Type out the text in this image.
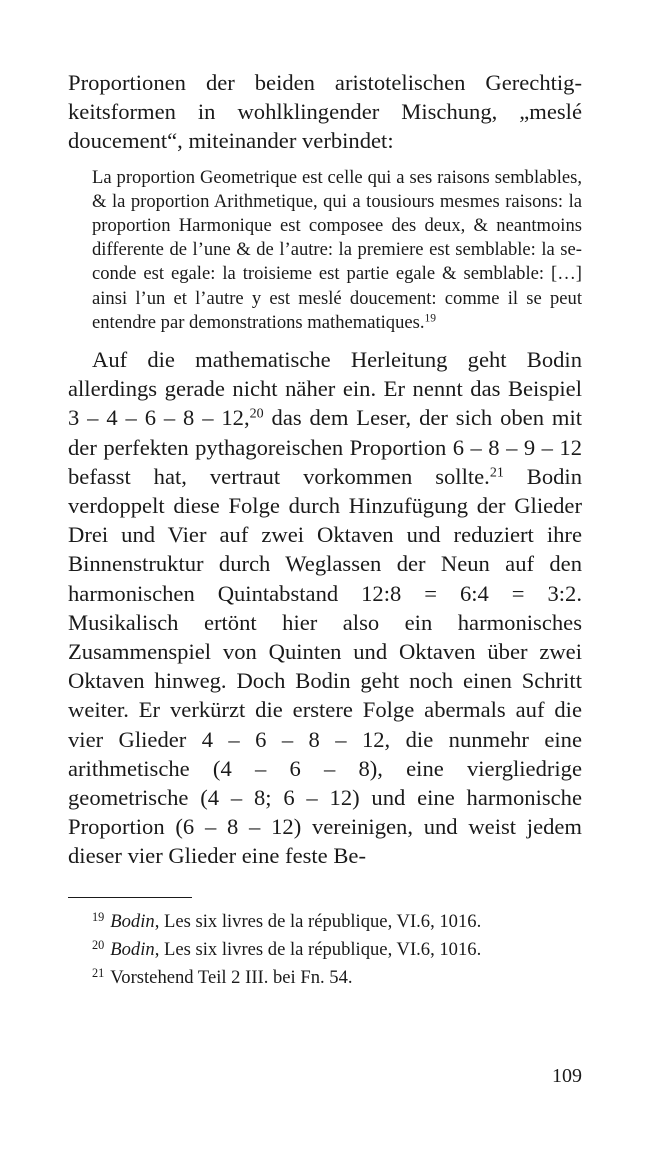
Proportionen der beiden aristotelischen Gerechtigkeitsformen in wohlklingender Mischung, „meslé doucement“, miteinander verbindet:

La proportion Geometrique est celle qui a ses raisons semblables, & la proportion Arithmetique, qui a tousiours mesmes raisons: la proportion Harmonique est composee des deux, & neantmoins differente de l’une & de l’autre: la premiere est semblable: la seconde est egale: la troisieme est partie egale & semblable: […] ainsi l’un et l’autre y est meslé doucement: comme il se peut entendre par demonstrations mathematiques.$^{19}$

Auf die mathematische Herleitung geht Bodin allerdings gerade nicht näher ein. Er nennt das Beispiel 3 – 4 – 6 – 8 – 12,20 das dem Leser, der sich oben mit der perfekten pythagoreischen Proportion 6 – 8 – 9 – 12 befasst hat, vertraut vorkommen sollte.$^{21}$ Bodin verdoppelt diese Folge durch Hinzufügung der Glieder Drei und Vier auf zwei Oktaven und reduziert ihre Binnenstruktur durch Weglassen der Neun auf den harmonischen Quintabstand 12:8 = 6:4 = 3:2. Musikalisch ertönt hier also ein harmonisches Zusammenspiel von Quinten und Oktaven über zwei Oktaven hinweg. Doch Bodin geht noch einen Schritt weiter. Er verkürzt die erstere Folge abermals auf die vier Glieder 4 – 6 – 8 – 12, die nunmehr eine arithmetische (4 – 6 – 8), eine viergliedrige geometrische (4 – 8; 6 – 12) und eine harmonische Proportion (6 – 8 – 12) vereinigen, und weist jedem dieser vier Glieder eine feste Be-

$^{19}$ Bodin, Les six livres de la république, VI.6, 1016.
$^{20}$ Bodin, Les six livres de la république, VI.6, 1016.
$^{21}$ Vorstehend Teil 2 III. bei Fn. 54.
109
